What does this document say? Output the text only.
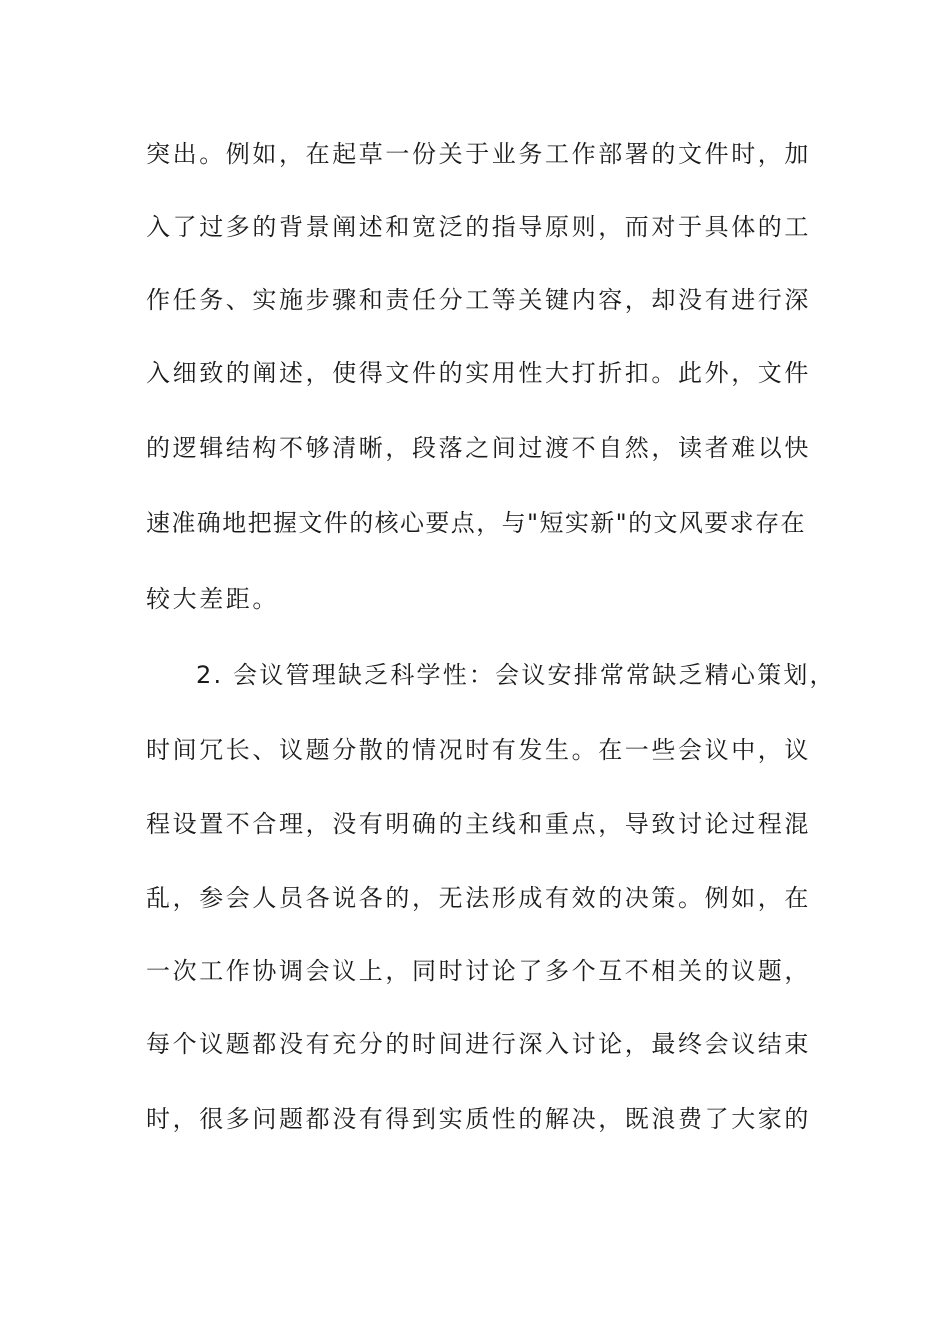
突出。例如，在起草一份关于业务工作部署的文件时，加

入了过多的背景阐述和宽泛的指导原则，而对于具体的工

作任务、实施步骤和责任分工等关键内容，却没有进行深

入细致的阐述，使得文件的实用性大打折扣。此外，文件

的逻辑结构不够清晰，段落之间过渡不自然，读者难以快

速准确地把握文件的核心要点，与"短实新"的文风要求存在

较大差距。

2. 会议管理缺乏科学性：会议安排常常缺乏精心策划，

时间冗长、议题分散的情况时有发生。在一些会议中，议

程设置不合理，没有明确的主线和重点，导致讨论过程混

乱，参会人员各说各的，无法形成有效的决策。例如，在

一次工作协调会议上，同时讨论了多个互不相关的议题，

每个议题都没有充分的时间进行深入讨论，最终会议结束

时，很多问题都没有得到实质性的解决，既浪费了大家的
